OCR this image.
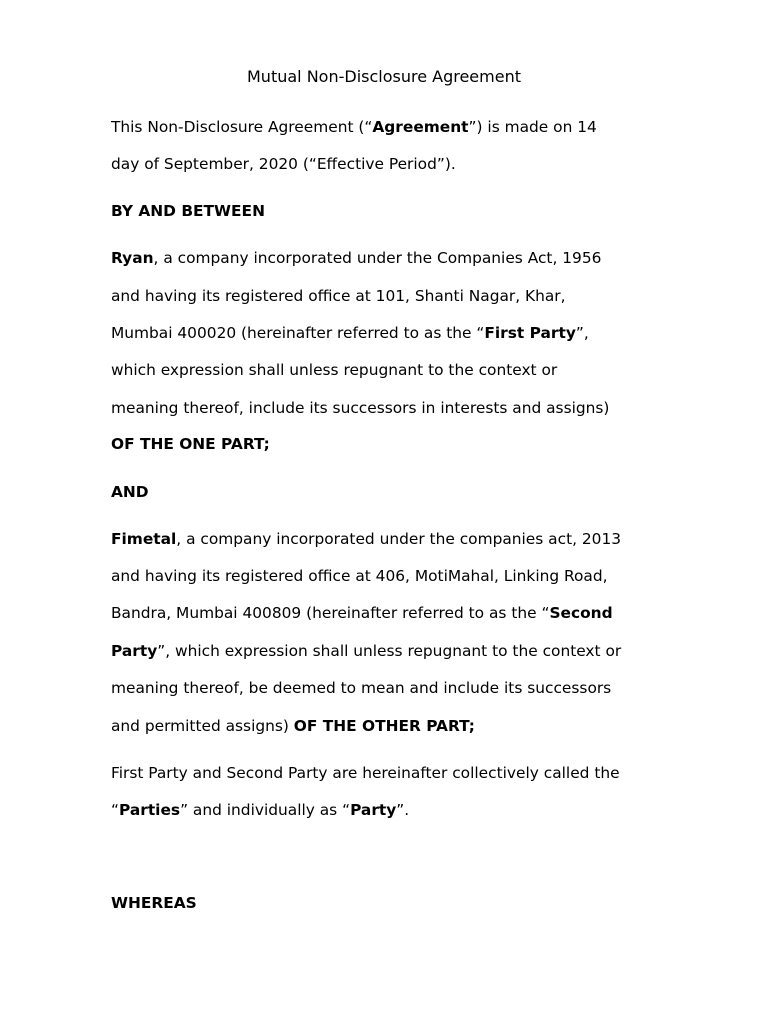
Mutual Non-Disclosure Agreement
This Non-Disclosure Agreement (“Agreement”) is made on 14
day of September, 2020 (“Effective Period”).
BY AND BETWEEN
Ryan, a company incorporated under the Companies Act, 1956
and having its registered office at 101, Shanti Nagar, Khar,
Mumbai 400020 (hereinafter referred to as the “First Party”,
which expression shall unless repugnant to the context or
meaning thereof, include its successors in interests and assigns)
OF THE ONE PART;
AND
Fimetal, a company incorporated under the companies act, 2013
and having its registered office at 406, MotiMahal, Linking Road,
Bandra, Mumbai 400809 (hereinafter referred to as the “Second
Party”, which expression shall unless repugnant to the context or
meaning thereof, be deemed to mean and include its successors
and permitted assigns) OF THE OTHER PART;
First Party and Second Party are hereinafter collectively called the
“Parties” and individually as “Party”.
WHEREAS
